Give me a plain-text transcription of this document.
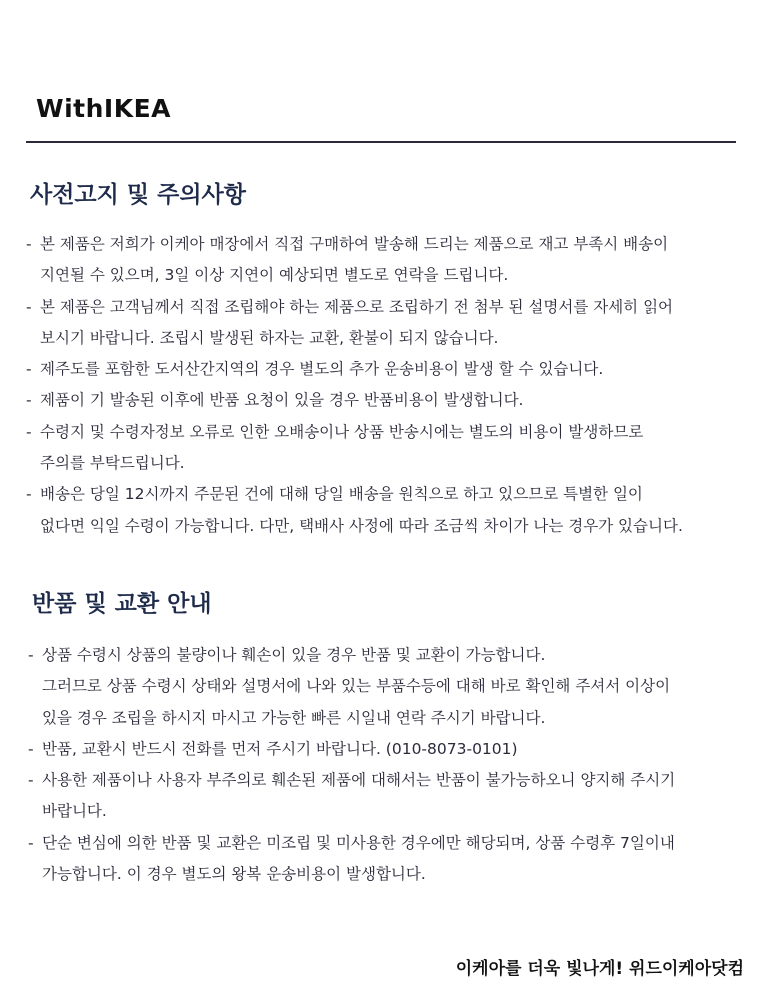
WithIKEA
사전고지 및 주의사항
- 본 제품은 저희가 이케아 매장에서 직접 구매하여 발송해 드리는 제품으로 재고 부족시 배송이
지연될 수 있으며, 3일 이상 지연이 예상되면 별도로 연락을 드립니다.
- 본 제품은 고객님께서 직접 조립해야 하는 제품으로 조립하기 전 첨부 된 설명서를 자세히 읽어
보시기 바랍니다. 조립시 발생된 하자는 교환, 환불이 되지 않습니다.
- 제주도를 포함한 도서산간지역의 경우 별도의 추가 운송비용이 발생 할 수 있습니다.
- 제품이 기 발송된 이후에 반품 요청이 있을 경우 반품비용이 발생합니다.
- 수령지 및 수령자정보 오류로 인한 오배송이나 상품 반송시에는 별도의 비용이 발생하므로
주의를 부탁드립니다.
- 배송은 당일 12시까지 주문된 건에 대해 당일 배송을 원칙으로 하고 있으므로 특별한 일이
없다면 익일 수령이 가능합니다. 다만, 택배사 사정에 따라 조금씩 차이가 나는 경우가 있습니다.
반품 및 교환 안내
- 상품 수령시 상품의 불량이나 훼손이 있을 경우 반품 및 교환이 가능합니다.
그러므로 상품 수령시 상태와 설명서에 나와 있는 부품수등에 대해 바로 확인해 주셔서 이상이
있을 경우 조립을 하시지 마시고 가능한 빠른 시일내 연락 주시기 바랍니다.
- 반품, 교환시 반드시 전화를 먼저 주시기 바랍니다. (010-8073-0101)
- 사용한 제품이나 사용자 부주의로 훼손된 제품에 대해서는 반품이 불가능하오니 양지해 주시기
바랍니다.
- 단순 변심에 의한 반품 및 교환은 미조립 및 미사용한 경우에만 해당되며, 상품 수령후 7일이내
가능합니다. 이 경우 별도의 왕복 운송비용이 발생합니다.

이케아를 더욱 빛나게! 위드이케아닷컴
